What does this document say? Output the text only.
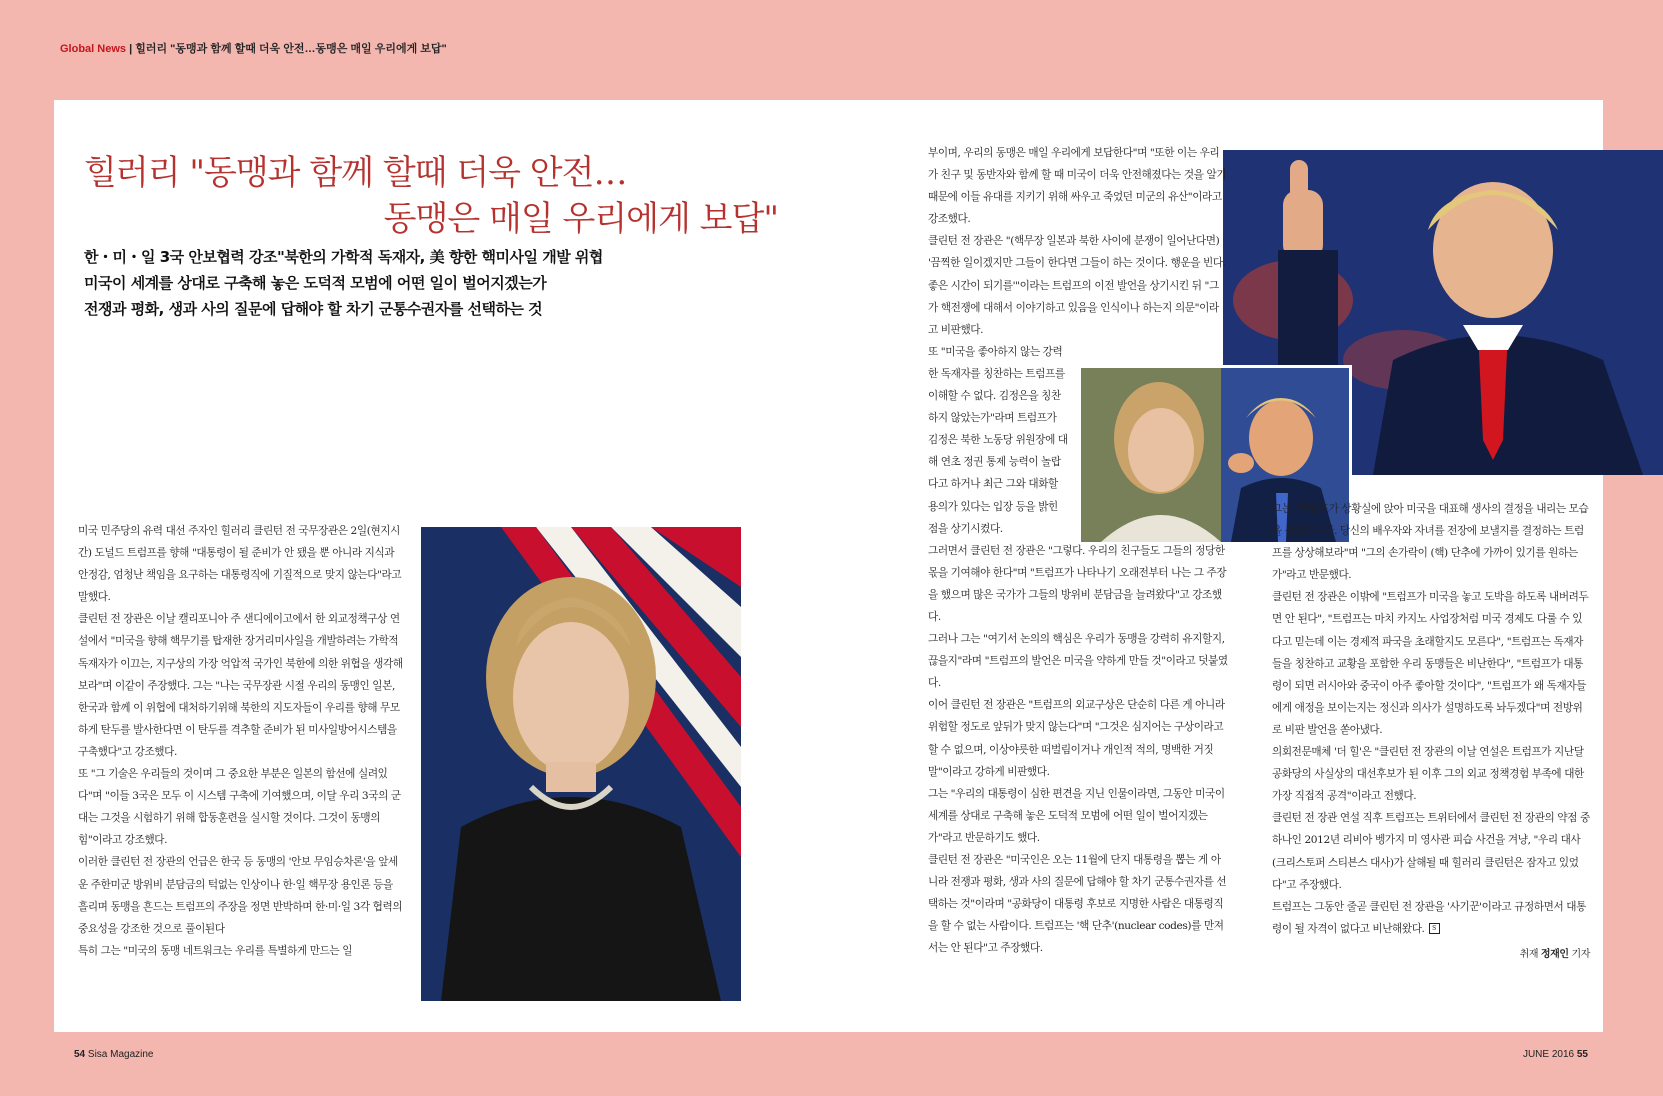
Global News | 힐러리 "동맹과 함께 할때 더욱 안전…동맹은 매일 우리에게 보답"
힐러리 "동맹과 함께 할때 더욱 안전…
동맹은 매일 우리에게 보답"
한・미・일 3국 안보협력 강조"북한의 가학적 독재자, 美 향한 핵미사일 개발 위협
미국이 세계를 상대로 구축해 놓은 도덕적 모범에 어떤 일이 벌어지겠는가
전쟁과 평화, 생과 사의 질문에 답해야 할 차기 군통수권자를 선택하는 것

미국 민주당의 유력 대선 주자인 힐러리 클린턴 전 국무장관은 2일(현지시간) 도널드 트럼프를 향해 "대통령이 될 준비가 안 됐을 뿐 아니라 지식과 안정감, 엄청난 책임을 요구하는 대통령직에 기질적으로 맞지 않는다"라고 말했다.

클린턴 전 장관은 이날 캘리포니아 주 샌디에이고에서 한 외교정책구상 연설에서 "미국을 향해 핵무기를 탑재한 장거리미사일을 개발하려는 가학적 독재자가 이끄는, 지구상의 가장 억압적 국가인 북한에 의한 위협을 생각해보라"며 이같이 주장했다. 그는 "나는 국무장관 시절 우리의 동맹인 일본, 한국과 함께 이 위협에 대처하기위해 북한의 지도자들이 우리를 향해 무모하게 탄두를 발사한다면 이 탄두를 격추할 준비가 된 미사일방어시스템을 구축했다"고 강조했다.

또 "그 기술은 우리들의 것이며 그 중요한 부분은 일본의 함선에 실려있다"며 "이들 3국은 모두 이 시스템 구축에 기여했으며, 이달 우리 3국의 군대는 그것을 시험하기 위해 합동훈련을 실시할 것이다. 그것이 동맹의 힘"이라고 강조했다.

이러한 클린턴 전 장관의 언급은 한국 등 동맹의 '안보 무임승차론'을 앞세운 주한미군 방위비 분담금의 턱없는 인상이나 한·일 핵무장 용인론 등을 흘리며 동맹을 흔드는 트럼프의 주장을 정면 반박하며 한·미·일 3각 협력의 중요성을 강조한 것으로 풀이된다

특히 그는 "미국의 동맹 네트워크는 우리를 특별하게 만드는 일

부이며, 우리의 동맹은 매일 우리에게 보답한다"며 "또한 이는 우리가 친구 및 동반자와 함께 할 때 미국이 더욱 안전해졌다는 것을 알기 때문에 이들 유대를 지키기 위해 싸우고 죽었던 미군의 유산"이라고 강조했다.

클린턴 전 장관은 "(핵무장 일본과 북한 사이에 분쟁이 일어난다면) '끔찍한 일이겠지만 그들이 한다면 그들이 하는 것이다. 행운을 빈다. 좋은 시간이 되기를'"이라는 트럼프의 이전 발언을 상기시킨 뒤 "그가 핵전쟁에 대해서 이야기하고 있음을 인식이나 하는지 의문"이라고 비판했다.

또 "미국을 좋아하지 않는 강력한 독재자를 칭찬하는 트럼프를 이해할 수 없다. 김정은을 칭찬하지 않았는가"라며 트럼프가 김정은 북한 노동당 위원장에 대해 연초 정권 통제 능력이 놀랍다고 하거나 최근 그와 대화할 용의가 있다는 입장 등을 밝힌 점을 상기시켰다.

그러면서 클린턴 전 장관은 "그렇다. 우리의 친구들도 그들의 정당한 몫을 기여해야 한다"며 "트럼프가 나타나기 오래전부터 나는 그 주장을 했으며 많은 국가가 그들의 방위비 분담금을 늘려왔다"고 강조했다.

그러나 그는 "여기서 논의의 핵심은 우리가 동맹을 강력히 유지할지, 끊을지"라며 "트럼프의 발언은 미국을 약하게 만들 것"이라고 덧붙였다.

이어 클린턴 전 장관은 "트럼프의 외교구상은 단순히 다른 게 아니라 위험할 정도로 앞뒤가 맞지 않는다"며 "그것은 심지어는 구상이라고 할 수 없으며, 이상야릇한 떠벌림이거나 개인적 적의, 명백한 거짓말"이라고 강하게 비판했다.

그는 "우리의 대통령이 심한 편견을 지닌 인물이라면, 그동안 미국이 세계를 상대로 구축해 놓은 도덕적 모범에 어떤 일이 벌어지겠는가"라고 반문하기도 했다.

클린턴 전 장관은 "미국인은 오는 11월에 단지 대통령을 뽑는 게 아니라 전쟁과 평화, 생과 사의 질문에 답해야 할 차기 군통수권자를 선택하는 것"이라며 "공화당이 대통령 후보로 지명한 사람은 대통령직을 할 수 없는 사람이다. 트럼프는 '핵 단추'(nuclear codes)를 만져서는 안 된다"고 주장했다.

그는 "트럼프가 상황실에 앉아 미국을 대표해 생사의 결정을 내리는 모습을 상상해보라. 당신의 배우자와 자녀를 전장에 보낼지를 결정하는 트럼프를 상상해보라"며 "그의 손가락이 (핵) 단추에 가까이 있기를 원하는가"라고 반문했다.

클린턴 전 장관은 이밖에 "트럼프가 미국을 놓고 도박을 하도록 내버려두면 안 된다", "트럼프는 마치 카지노 사업장처럼 미국 경제도 다룰 수 있다고 믿는데 이는 경제적 파국을 초래할지도 모른다", "트럼프는 독재자들을 칭찬하고 교황을 포함한 우리 동맹들은 비난한다", "트럼프가 대통령이 되면 러시아와 중국이 아주 좋아할 것이다", "트럼프가 왜 독재자들에게 애정을 보이는지는 정신과 의사가 설명하도록 놔두겠다"며 전방위로 비판 발언을 쏟아냈다.

의회전문매체 '더 힐'은 "클린턴 전 장관의 이날 연설은 트럼프가 지난달 공화당의 사실상의 대선후보가 된 이후 그의 외교 정책경험 부족에 대한 가장 직접적 공격"이라고 전했다.

클린턴 전 장관 연설 직후 트럼프는 트위터에서 클린턴 전 장관의 약점 중 하나인 2012년 리비아 벵가지 미 영사관 피습 사건을 겨냥, "우리 대사(크리스토퍼 스티븐스 대사)가 살해될 때 힐러리 클린턴은 잠자고 있었다"고 주장했다.

트럼프는 그동안 줄곧 클린턴 전 장관을 '사기꾼'이라고 규정하면서 대통령이 될 자격이 없다고 비난해왔다. S

취재 정재인 기자
54 Sisa Magazine	JUNE 2016 55
